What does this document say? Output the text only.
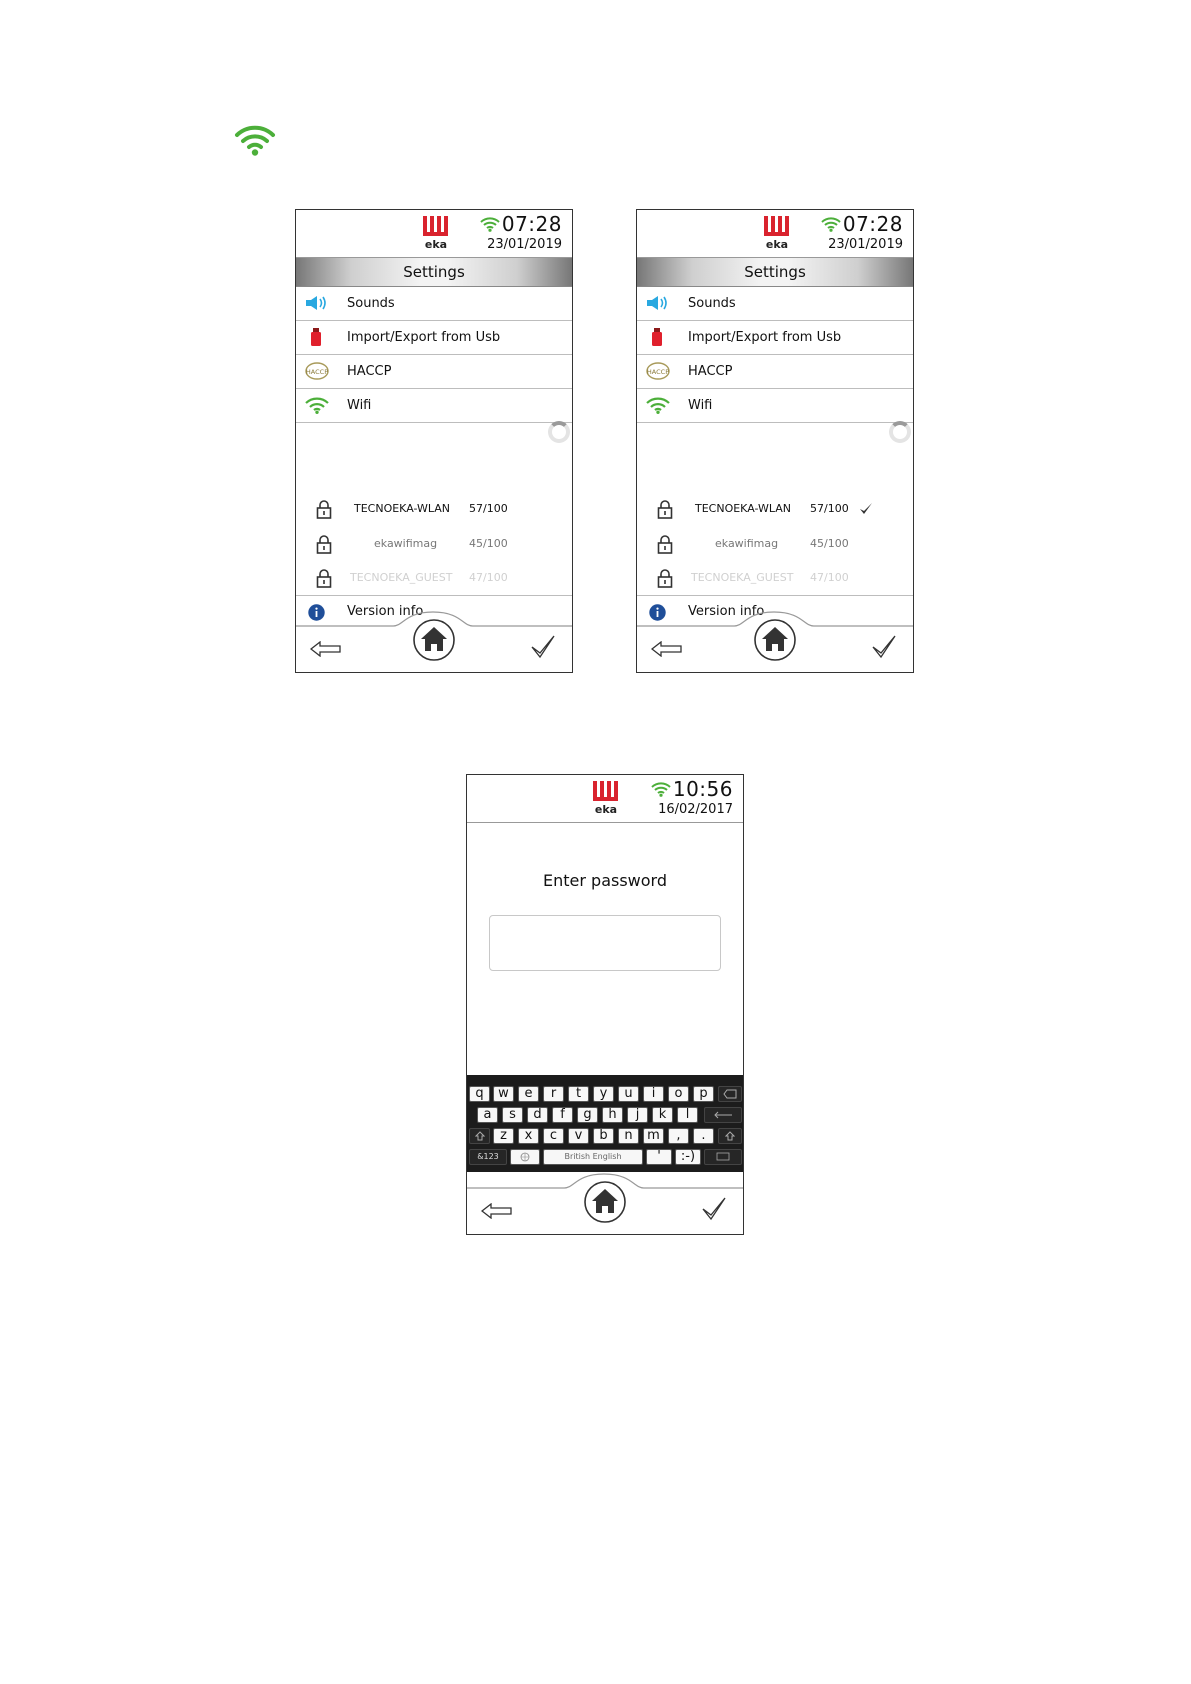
eka
07:28
23/01/2019
Settings
Sounds
Import/Export from Usb
HACCP HACCP
Wifi
TECNOEKA-WLAN 57/100
ekawifimag	45/100
TECNOEKA_GUEST 47/100
Version info
eka
07:28
23/01/2019
Settings
Sounds
Import/Export from Usb
HACCP HACCP
Wifi
TECNOEKA-WLAN 57/100
ekawifimag	45/100
TECNOEKA_GUEST 47/100
Version info
eka
10:56
16/02/2017
Enter password
q	w	e	r	t	y	u	i	o	p
a	s	d	f	g	h	j	k	l
z	x	c	v	b	n	m	,	.
&123	British English	'	:-)
